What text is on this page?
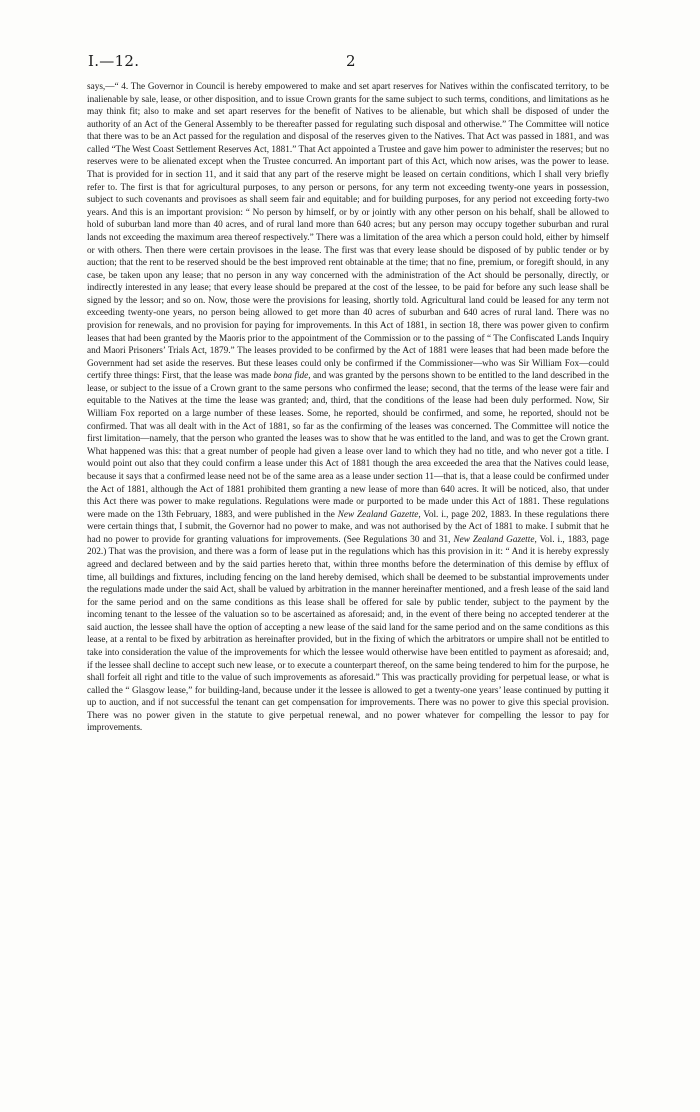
I.—12.	2

says,—“ 4. The Governor in Council is hereby empowered to make and set apart reserves for Natives within the confiscated territory, to be inalienable by sale, lease, or other disposition, and to issue Crown grants for the same subject to such terms, conditions, and limitations as he may think fit; also to make and set apart reserves for the benefit of Natives to be alienable, but which shall be disposed of under the authority of an Act of the General Assembly to be thereafter passed for regulating such disposal and otherwise.” The Committee will notice that there was to be an Act passed for the regulation and disposal of the reserves given to the Natives. That Act was passed in 1881, and was called “The West Coast Settlement Reserves Act, 1881.” That Act appointed a Trustee and gave him power to administer the reserves; but no reserves were to be alienated except when the Trustee concurred. An important part of this Act, which now arises, was the power to lease. That is provided for in section 11, and it said that any part of the reserve might be leased on certain conditions, which I shall very briefly refer to. The first is that for agricultural purposes, to any person or persons, for any term not exceeding twenty-one years in possession, subject to such covenants and provisoes as shall seem fair and equitable; and for building purposes, for any period not exceeding forty-two years. And this is an important provision: “ No person by himself, or by or jointly with any other person on his behalf, shall be allowed to hold of suburban land more than 40 acres, and of rural land more than 640 acres; but any person may occupy together suburban and rural lands not exceeding the maximum area thereof respectively.” There was a limitation of the area which a person could hold, either by himself or with others. Then there were certain provisoes in the lease. The first was that every lease should be disposed of by public tender or by auction; that the rent to be reserved should be the best improved rent obtainable at the time; that no fine, premium, or foregift should, in any case, be taken upon any lease; that no person in any way concerned with the administration of the Act should be personally, directly, or indirectly interested in any lease; that every lease should be prepared at the cost of the lessee, to be paid for before any such lease shall be signed by the lessor; and so on. Now, those were the provisions for leasing, shortly told. Agricultural land could be leased for any term not exceeding twenty-one years, no person being allowed to get more than 40 acres of suburban and 640 acres of rural land. There was no provision for renewals, and no provision for paying for improvements. In this Act of 1881, in section 18, there was power given to confirm leases that had been granted by the Maoris prior to the appointment of the Commission or to the passing of “ The Confiscated Lands Inquiry and Maori Prisoners’ Trials Act, 1879.” The leases provided to be confirmed by the Act of 1881 were leases that had been made before the Government had set aside the reserves. But these leases could only be confirmed if the Commissioner—who was Sir William Fox—could certify three things: First, that the lease was made bona fide, and was granted by the persons shown to be entitled to the land described in the lease, or subject to the issue of a Crown grant to the same persons who confirmed the lease; second, that the terms of the lease were fair and equitable to the Natives at the time the lease was granted; and, third, that the conditions of the lease had been duly performed. Now, Sir William Fox reported on a large number of these leases. Some, he reported, should be confirmed, and some, he reported, should not be confirmed. That was all dealt with in the Act of 1881, so far as the confirming of the leases was concerned. The Committee will notice the first limitation—namely, that the person who granted the leases was to show that he was entitled to the land, and was to get the Crown grant. What happened was this: that a great number of people had given a lease over land to which they had no title, and who never got a title. I would point out also that they could confirm a lease under this Act of 1881 though the area exceeded the area that the Natives could lease, because it says that a confirmed lease need not be of the same area as a lease under section 11—that is, that a lease could be confirmed under the Act of 1881, although the Act of 1881 prohibited them granting a new lease of more than 640 acres. It will be noticed, also, that under this Act there was power to make regulations. Regulations were made or purported to be made under this Act of 1881. These regulations were made on the 13th February, 1883, and were published in the New Zealand Gazette, Vol. i., page 202, 1883. In these regulations there were certain things that, I submit, the Governor had no power to make, and was not authorised by the Act of 1881 to make. I submit that he had no power to provide for granting valuations for improvements. (See Regulations 30 and 31, New Zealand Gazette, Vol. i., 1883, page 202.) That was the provision, and there was a form of lease put in the regulations which has this provision in it: “ And it is hereby expressly agreed and declared between and by the said parties hereto that, within three months before the determination of this demise by efflux of time, all buildings and fixtures, including fencing on the land hereby demised, which shall be deemed to be substantial improvements under the regulations made under the said Act, shall be valued by arbitration in the manner hereinafter mentioned, and a fresh lease of the said land for the same period and on the same conditions as this lease shall be offered for sale by public tender, subject to the payment by the incoming tenant to the lessee of the valuation so to be ascertained as aforesaid; and, in the event of there being no accepted tenderer at the said auction, the lessee shall have the option of accepting a new lease of the said land for the same period and on the same conditions as this lease, at a rental to be fixed by arbitration as hereinafter provided, but in the fixing of which the arbitrators or umpire shall not be entitled to take into consideration the value of the improvements for which the lessee would otherwise have been entitled to payment as aforesaid; and, if the lessee shall decline to accept such new lease, or to execute a counterpart thereof, on the same being tendered to him for the purpose, he shall forfeit all right and title to the value of such improvements as aforesaid.” This was practically providing for perpetual lease, or what is called the “ Glasgow lease,” for building-land, because under it the lessee is allowed to get a twenty-one years’ lease continued by putting it up to auction, and if not successful the tenant can get compensation for improvements. There was no power to give this special provision. There was no power given in the statute to give perpetual renewal, and no power whatever for compelling the lessor to pay for improvements.
